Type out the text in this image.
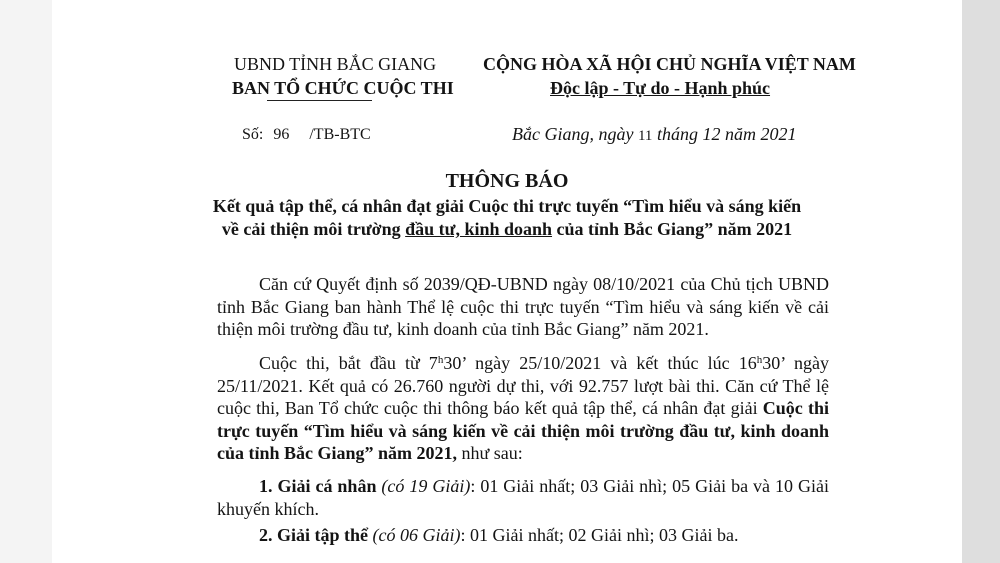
UBND TỈNH BẮC GIANG
BAN TỔ CHỨC CUỘC THI
CỘNG HÒA XÃ HỘI CHỦ NGHĨA VIỆT NAM
Độc lập - Tự do - Hạnh phúc
Số: 96 /TB-BTC	Bắc Giang, ngày 11 tháng 12 năm 2021
THÔNG BÁO
Kết quả tập thể, cá nhân đạt giải Cuộc thi trực tuyến “Tìm hiểu và sáng kiến
về cải thiện môi trường đầu tư, kinh doanh của tỉnh Bắc Giang” năm 2021
Căn cứ Quyết định số 2039/QĐ-UBND ngày 08/10/2021 của Chủ tịch UBND tỉnh Bắc Giang ban hành Thể lệ cuộc thi trực tuyến “Tìm hiểu và sáng kiến về cải thiện môi trường đầu tư, kinh doanh của tỉnh Bắc Giang” năm 2021.
Cuộc thi, bắt đầu từ 7$^h$30’ ngày 25/10/2021 và kết thúc lúc 16$^h$30’ ngày 25/11/2021. Kết quả có 26.760 người dự thi, với 92.757 lượt bài thi. Căn cứ Thể lệ cuộc thi, Ban Tổ chức cuộc thi thông báo kết quả tập thể, cá nhân đạt giải Cuộc thi trực tuyến “Tìm hiểu và sáng kiến về cải thiện môi trường đầu tư, kinh doanh của tỉnh Bắc Giang” năm 2021, như sau:
1. Giải cá nhân (có 19 Giải): 01 Giải nhất; 03 Giải nhì; 05 Giải ba và 10 Giải khuyến khích.
2. Giải tập thể (có 06 Giải): 01 Giải nhất; 02 Giải nhì; 03 Giải ba.
